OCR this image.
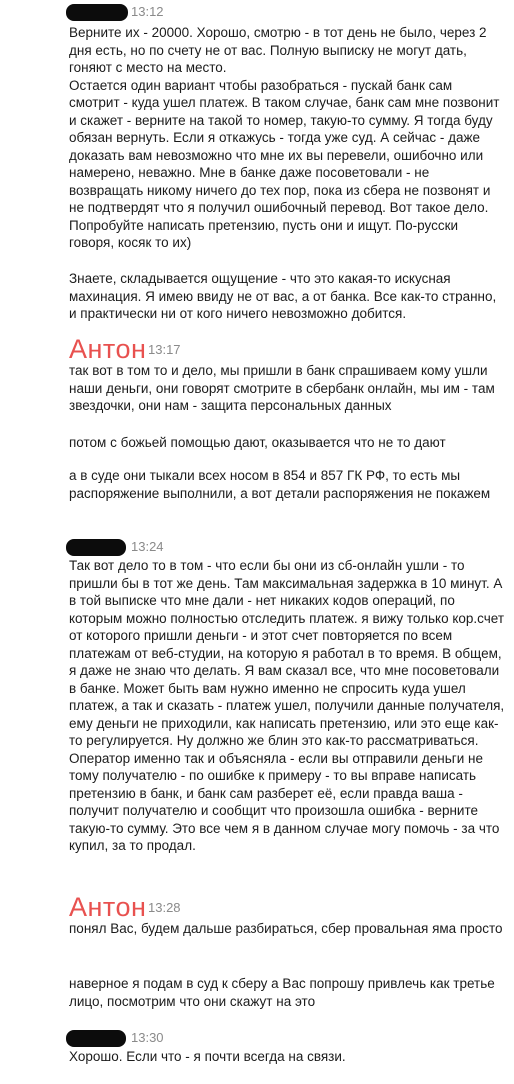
13:12
Верните их - 20000. Хорошо, смотрю - в тот день не было, через 2 дня есть, но по счету не от вас. Полную выписку не могут дать, гоняют с место на место.
Остается один вариант чтобы разобраться - пускай банк сам смотрит - куда ушел платеж. В таком случае, банк сам мне позвонит и скажет - верните на такой то номер, такую-то сумму. Я тогда буду обязан вернуть. Если я откажусь - тогда уже суд. А сейчас - даже доказать вам невозможно что мне их вы перевели, ошибочно или намерено, неважно. Мне в банке даже посоветовали - не возвращать никому ничего до тех пор, пока из сбера не позвонят и не подтвердят что я получил ошибочный перевод. Вот такое дело. Попробуйте написать претензию, пусть они и ищут. По-русски говоря, косяк то их)
Знаете, складывается ощущение - что это какая-то искусная махинация. Я имею ввиду не от вас, а от банка. Все как-то странно, и практически ни от кого ничего невозможно добится.
Антон 13:17
так вот в том то и дело, мы пришли в банк спрашиваем кому ушли наши деньги, они говорят смотрите в сбербанк онлайн, мы им - там звездочки, они нам - защита персональных данных
потом с божьей помощью дают, оказывается что не то дают
а в суде они тыкали всех носом в 854 и 857 ГК РФ, то есть мы распоряжение выполнили, а вот детали распоряжения не покажем
13:24
Так вот дело то в том - что если бы они из сб-онлайн ушли - то пришли бы в тот же день. Там максимальная задержка в 10 минут. А в той выписке что мне дали - нет никаких кодов операций, по которым можно полностью отследить платеж. я вижу только кор.счет от которого пришли деньги - и этот счет повторяется по всем платежам от веб-студии, на которую я работал в то время. В общем, я даже не знаю что делать. Я вам сказал все, что мне посоветовали в банке. Может быть вам нужно именно не спросить куда ушел платеж, а так и сказать - платеж ушел, получили данные получателя, ему деньги не приходили, как написать претензию, или это еще как-то регулируется. Ну должно же блин это как-то рассматриваться. Оператор именно так и объясняла - если вы отправили деньги не тому получателю - по ошибке к примеру - то вы вправе написать претензию в банк, и банк сам разберет её, если правда ваша - получит получателю и сообщит что произошла ошибка - верните такую-то сумму. Это все чем я в данном случае могу помочь - за что купил, за то продал.
Антон 13:28
понял Вас, будем дальше разбираться, сбер провальная яма просто
наверное я подам в суд к сберу а Вас попрошу привлечь как третье лицо, посмотрим что они скажут на это
13:30
Хорошо. Если что - я почти всегда на связи.
